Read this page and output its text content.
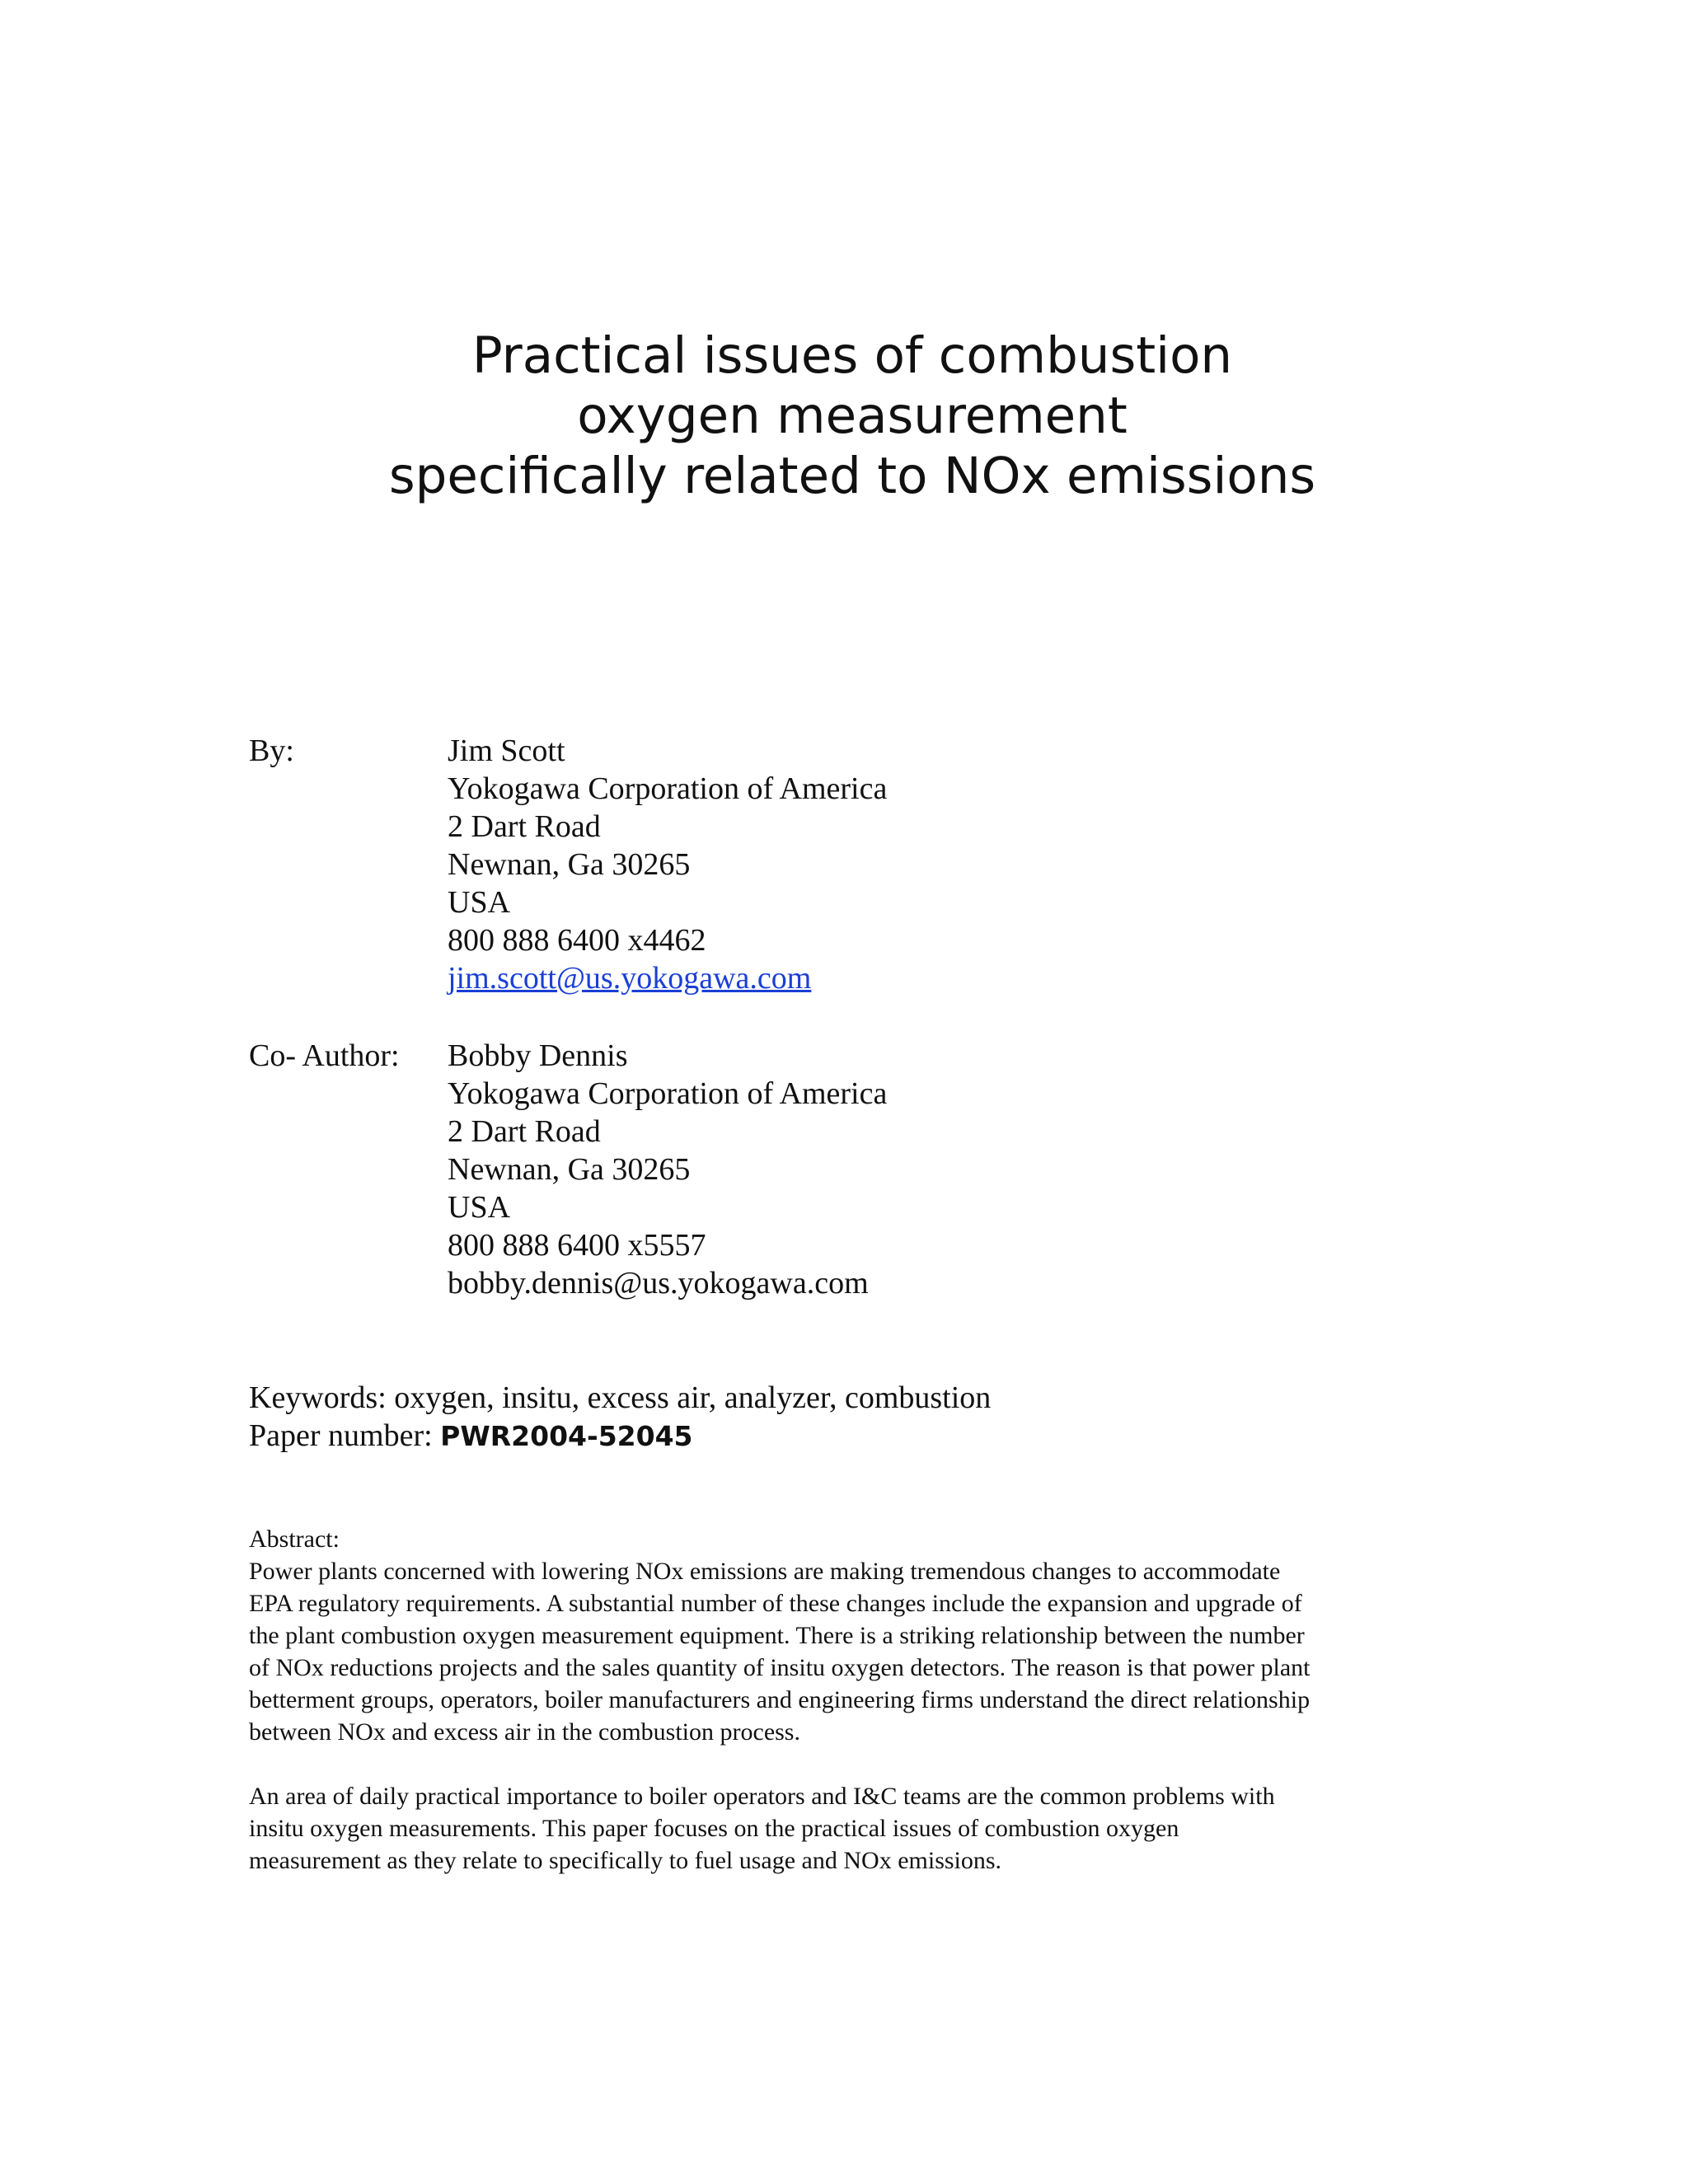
Practical issues of combustion
oxygen measurement
specifically related to NOx emissions
By:	Jim Scott
Yokogawa Corporation of America
2 Dart Road
Newnan, Ga 30265
USA
800 888 6400 x4462
jim.scott@us.yokogawa.com
Co- Author: Bobby Dennis
Yokogawa Corporation of America
2 Dart Road
Newnan, Ga 30265
USA
800 888 6400 x5557
bobby.dennis@us.yokogawa.com
Keywords: oxygen, insitu, excess air, analyzer, combustion
Paper number: PWR2004-52045
Abstract:
Power plants concerned with lowering NOx emissions are making tremendous changes to accommodate
EPA regulatory requirements. A substantial number of these changes include the expansion and upgrade of
the plant combustion oxygen measurement equipment. There is a striking relationship between the number
of NOx reductions projects and the sales quantity of insitu oxygen detectors. The reason is that power plant
betterment groups, operators, boiler manufacturers and engineering firms understand the direct relationship
between NOx and excess air in the combustion process.
An area of daily practical importance to boiler operators and I&C teams are the common problems with
insitu oxygen measurements. This paper focuses on the practical issues of combustion oxygen
measurement as they relate to specifically to fuel usage and NOx emissions.
